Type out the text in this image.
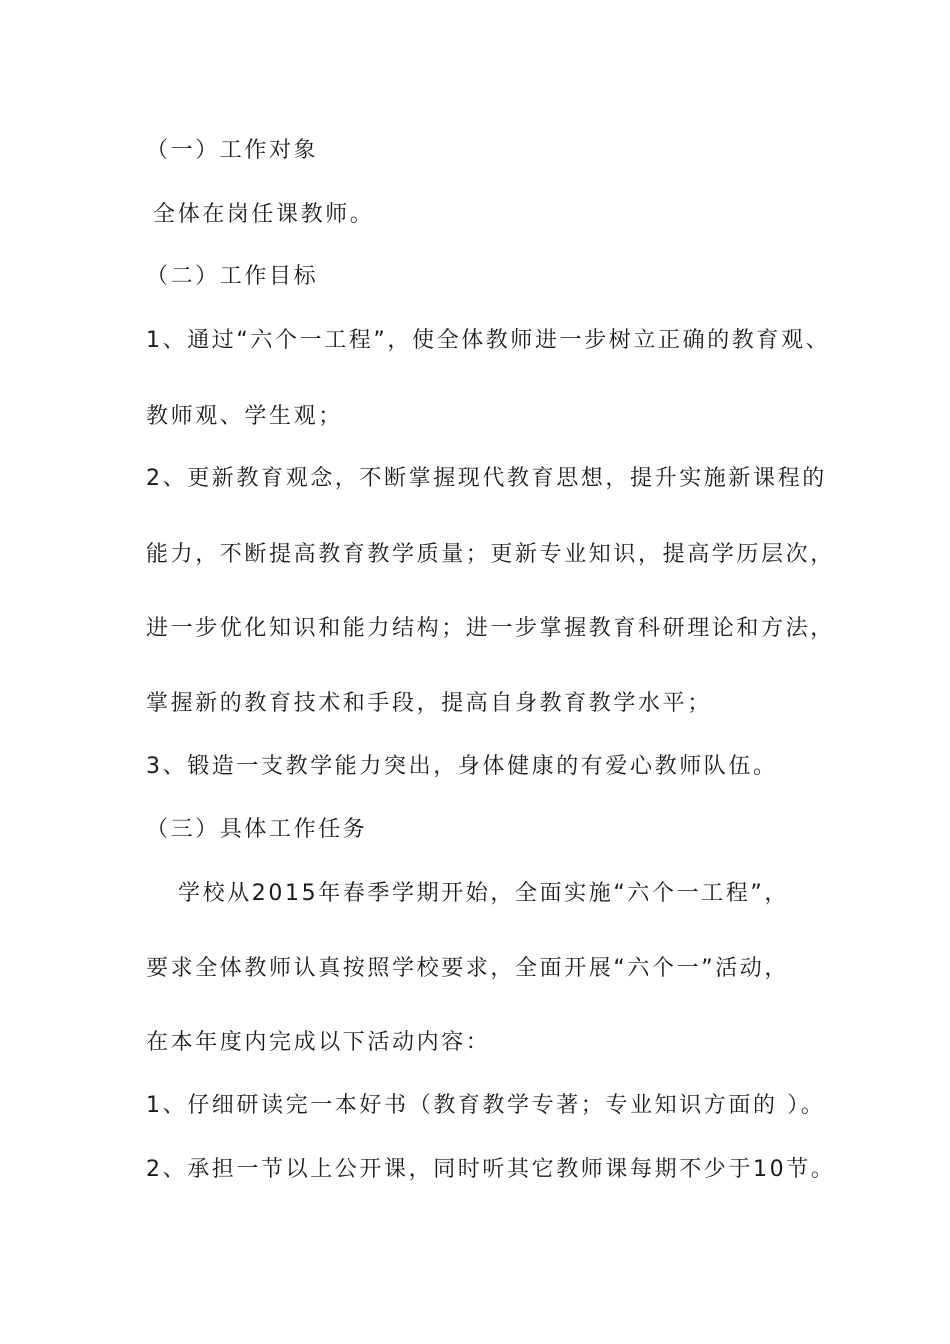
（一）工作对象
全体在岗任课教师。
（二）工作目标
1、通过“六个一工程”，使全体教师进一步树立正确的教育观、
教师观、学生观；
2、更新教育观念，不断掌握现代教育思想，提升实施新课程的
能力，不断提高教育教学质量；更新专业知识，提高学历层次，
进一步优化知识和能力结构；进一步掌握教育科研理论和方法，
掌握新的教育技术和手段，提高自身教育教学水平；
3、锻造一支教学能力突出，身体健康的有爱心教师队伍。
（三）具体工作任务
学校从2015年春季学期开始，全面实施“六个一工程”，
要求全体教师认真按照学校要求，全面开展“六个一”活动，
在本年度内完成以下活动内容：
1、仔细研读完一本好书（教育教学专著；专业知识方面的 ）。
2、承担一节以上公开课，同时听其它教师课每期不少于10节。
